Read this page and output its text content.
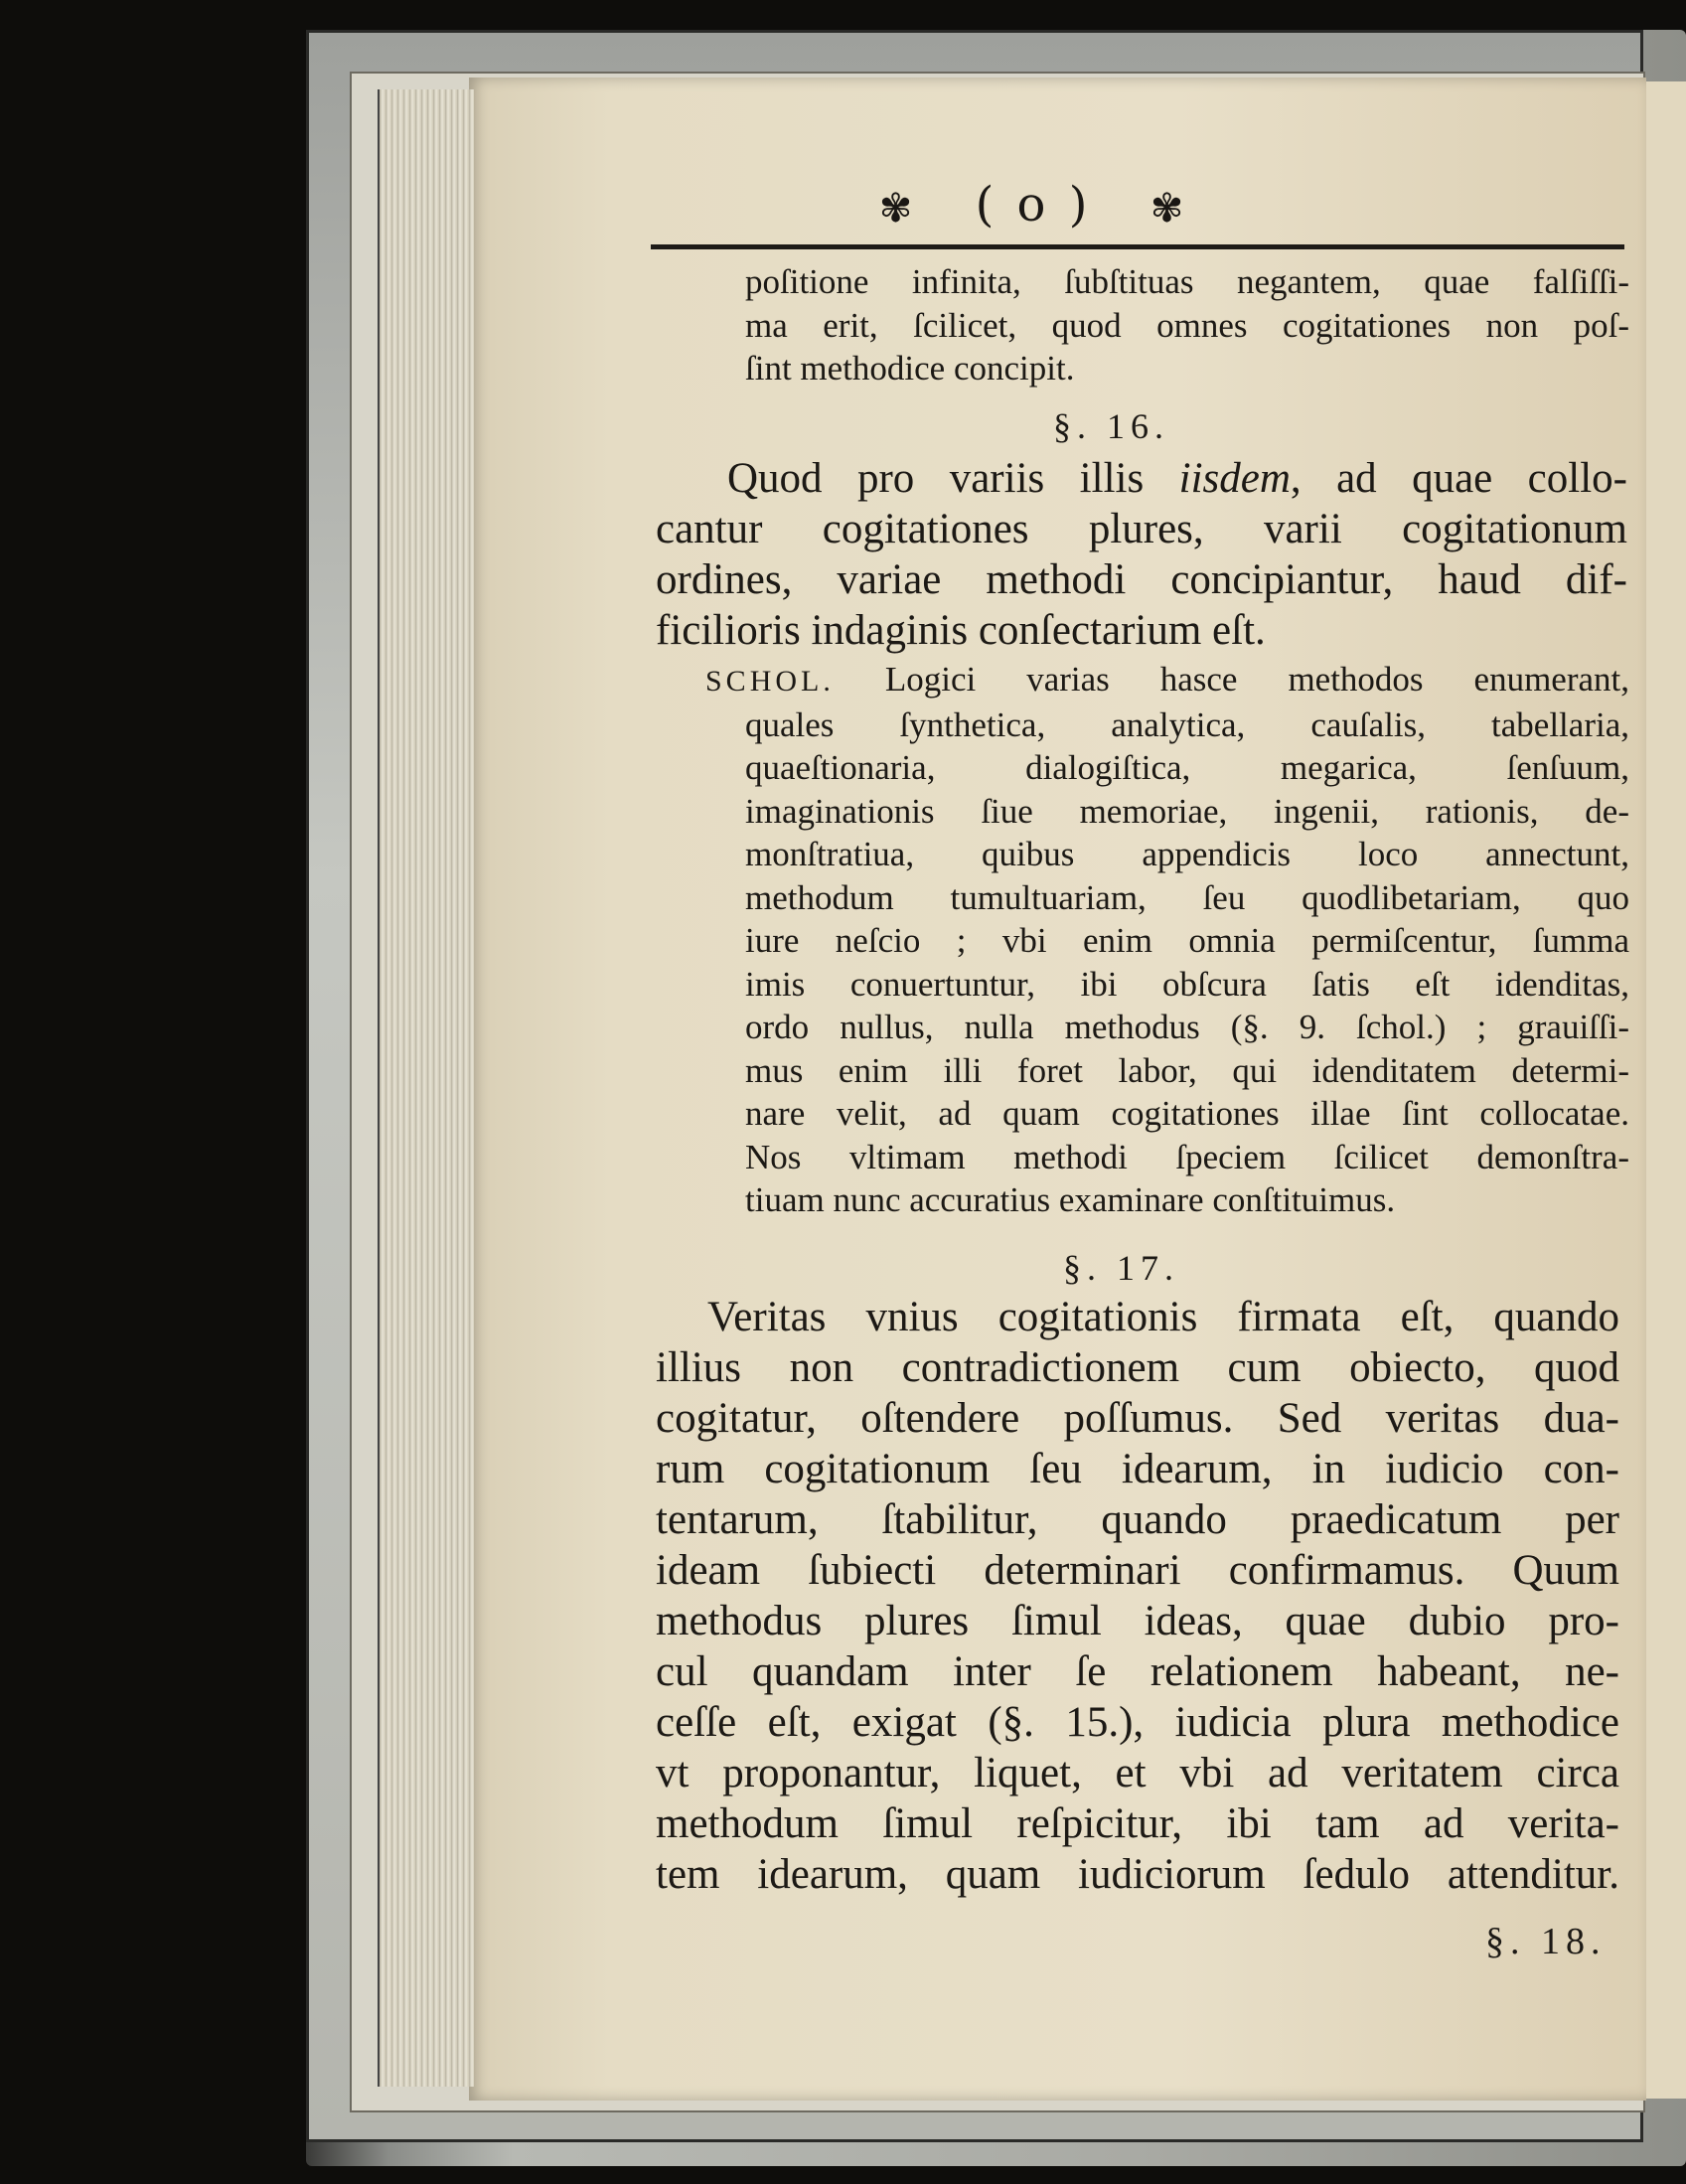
✾ ( o ) ✾
poſitione infinita, ſubſtituas negantem, quae falſiſſi-
ma erit, ſcilicet, quod omnes cogitationes non poſ-
ſint methodice concipit.
§. 16.
Quod pro variis illis iisdem, ad quae collo-
cantur cogitationes plures, varii cogitationum
ordines, variae methodi concipiantur, haud dif-
ficilioris indaginis conſectarium eſt.
SCHOL. Logici varias hasce methodos enumerant,
quales ſynthetica, analytica, cauſalis, tabellaria,
quaeſtionaria, dialogiſtica, megarica, ſenſuum,
imaginationis ſiue memoriae, ingenii, rationis, de-
monſtratiua, quibus appendicis loco annectunt,
methodum tumultuariam, ſeu quodlibetariam, quo
iure neſcio ; vbi enim omnia permiſcentur, ſumma
imis conuertuntur, ibi obſcura ſatis eſt idenditas,
ordo nullus, nulla methodus (§. 9. ſchol.) ; grauiſſi-
mus enim illi foret labor, qui idenditatem determi-
nare velit, ad quam cogitationes illae ſint collocatae.
Nos vltimam methodi ſpeciem ſcilicet demonſtra-
tiuam nunc accuratius examinare conſtituimus.
§. 17.
Veritas vnius cogitationis firmata eſt, quando
illius non contradictionem cum obiecto, quod
cogitatur, oſtendere poſſumus. Sed veritas dua-
rum cogitationum ſeu idearum, in iudicio con-
tentarum, ſtabilitur, quando praedicatum per
ideam ſubiecti determinari confirmamus. Quum
methodus plures ſimul ideas, quae dubio pro-
cul quandam inter ſe relationem habeant, ne-
ceſſe eſt, exigat (§. 15.), iudicia plura methodice
vt proponantur, liquet, et vbi ad veritatem circa
methodum ſimul reſpicitur, ibi tam ad verita-
tem idearum, quam iudiciorum ſedulo attenditur.
§. 18.
